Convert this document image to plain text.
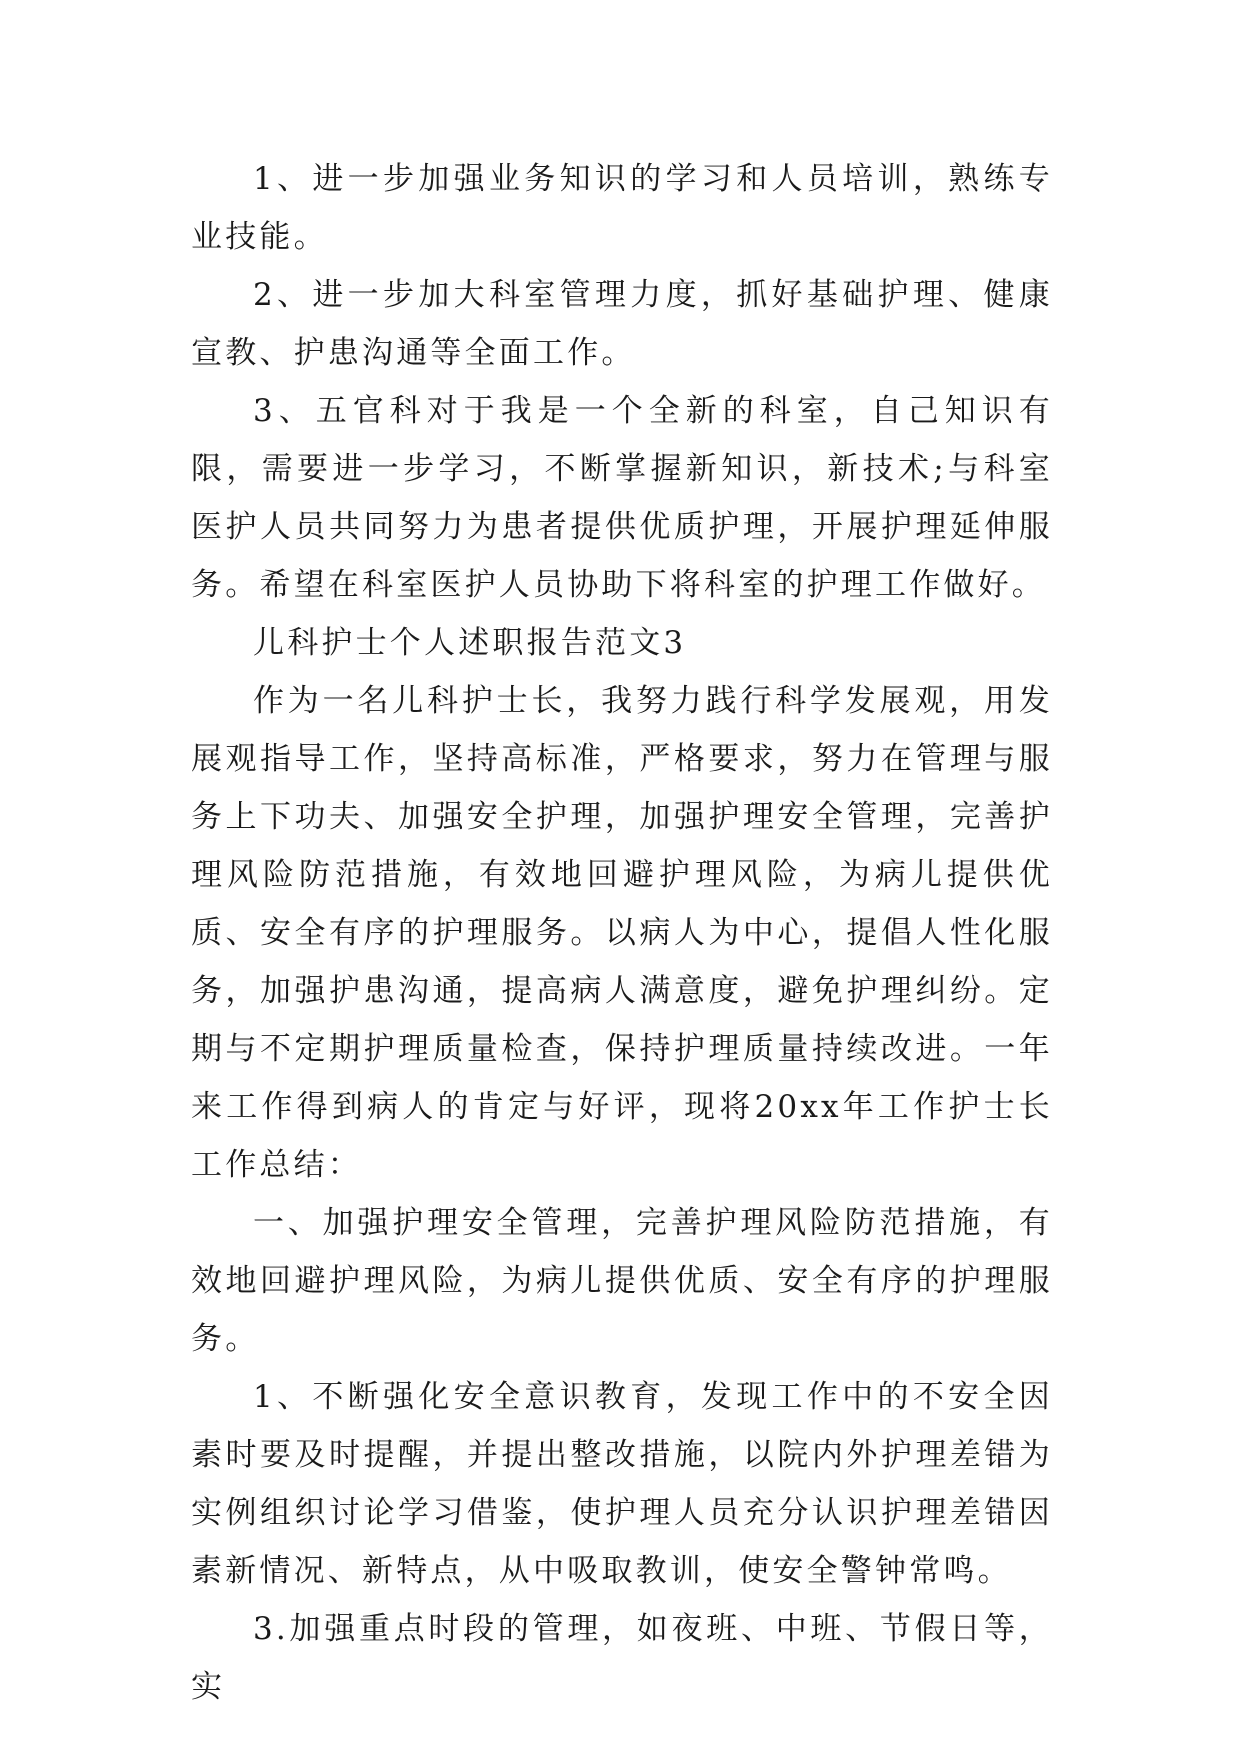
1、进一步加强业务知识的学习和人员培训，熟练专业技能。

2、进一步加大科室管理力度，抓好基础护理、健康宣教、护患沟通等全面工作。

3、五官科对于我是一个全新的科室，自己知识有限，需要进一步学习，不断掌握新知识，新技术;与科室医护人员共同努力为患者提供优质护理，开展护理延伸服务。希望在科室医护人员协助下将科室的护理工作做好。

儿科护士个人述职报告范文3

作为一名儿科护士长，我努力践行科学发展观，用发展观指导工作，坚持高标准，严格要求，努力在管理与服务上下功夫、加强安全护理，加强护理安全管理，完善护理风险防范措施，有效地回避护理风险，为病儿提供优质、安全有序的护理服务。以病人为中心，提倡人性化服务，加强护患沟通，提高病人满意度，避免护理纠纷。定期与不定期护理质量检查，保持护理质量持续改进。一年来工作得到病人的肯定与好评，现将20xx年工作护士长工作总结：

一、加强护理安全管理，完善护理风险防范措施，有效地回避护理风险，为病儿提供优质、安全有序的护理服务。

1、不断强化安全意识教育，发现工作中的不安全因素时要及时提醒，并提出整改措施，以院内外护理差错为实例组织讨论学习借鉴，使护理人员充分认识护理差错因素新情况、新特点，从中吸取教训，使安全警钟常鸣。

3.加强重点时段的管理，如夜班、中班、节假日等，实
